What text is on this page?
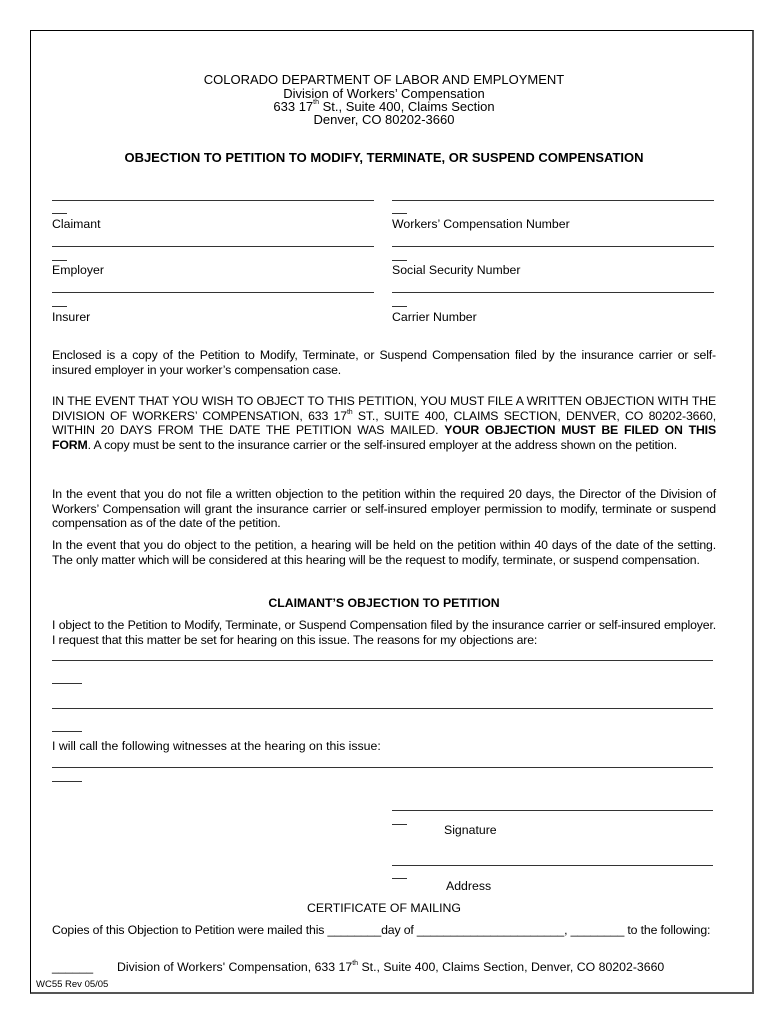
COLORADO DEPARTMENT OF LABOR AND EMPLOYMENT
Division of Workers’ Compensation
633 17th St., Suite 400, Claims Section
Denver, CO 80202-3660
OBJECTION TO PETITION TO MODIFY, TERMINATE, OR SUSPEND COMPENSATION
Claimant	Workers’ Compensation Number
Employer	Social Security Number
Insurer	Carrier Number
Enclosed is a copy of the Petition to Modify, Terminate, or Suspend Compensation filed by the insurance carrier or self-insured employer in your worker’s compensation case.
IN THE EVENT THAT YOU WISH TO OBJECT TO THIS PETITION, YOU MUST FILE A WRITTEN OBJECTION WITH THE DIVISION OF WORKERS’ COMPENSATION, 633 17th ST., SUITE 400, CLAIMS SECTION, DENVER, CO 80202-3660, WITHIN 20 DAYS FROM THE DATE THE PETITION WAS MAILED. YOUR OBJECTION MUST BE FILED ON THIS FORM. A copy must be sent to the insurance carrier or the self-insured employer at the address shown on the petition.
In the event that you do not file a written objection to the petition within the required 20 days, the Director of the Division of Workers’ Compensation will grant the insurance carrier or self-insured employer permission to modify, terminate or suspend compensation as of the date of the petition.
In the event that you do object to the petition, a hearing will be held on the petition within 40 days of the date of the setting. The only matter which will be considered at this hearing will be the request to modify, terminate, or suspend compensation.
CLAIMANT’S OBJECTION TO PETITION
I object to the Petition to Modify, Terminate, or Suspend Compensation filed by the insurance carrier or self-insured employer. I request that this matter be set for hearing on this issue. The reasons for my objections are:
I will call the following witnesses at the hearing on this issue:
Signature
Address
CERTIFICATE OF MAILING
Copies of this Objection to Petition were mailed this ________day of ______________________, ________ to the following:
______ Division of Workers' Compensation, 633 17th St., Suite 400, Claims Section, Denver, CO 80202-3660
WC55 Rev 05/05
